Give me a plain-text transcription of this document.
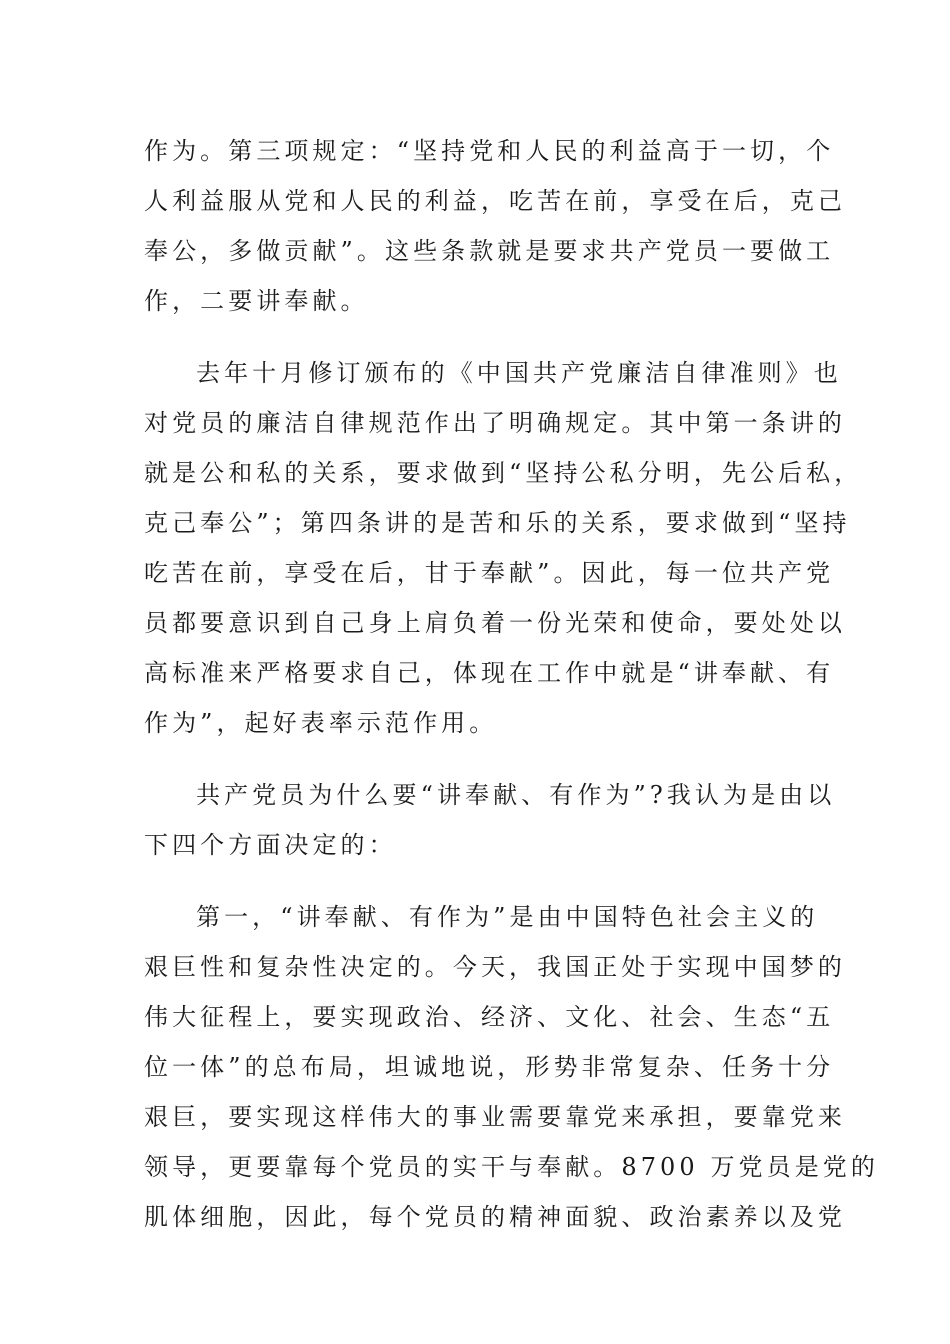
作为。第三项规定：“坚持党和人民的利益高于一切，个
人利益服从党和人民的利益，吃苦在前，享受在后，克己
奉公，多做贡献”。这些条款就是要求共产党员一要做工
作，二要讲奉献。
去年十月修订颁布的《中国共产党廉洁自律准则》也
对党员的廉洁自律规范作出了明确规定。其中第一条讲的
就是公和私的关系，要求做到“坚持公私分明，先公后私，
克己奉公”；第四条讲的是苦和乐的关系，要求做到“坚持
吃苦在前，享受在后，甘于奉献”。因此，每一位共产党
员都要意识到自己身上肩负着一份光荣和使命，要处处以
高标准来严格要求自己，体现在工作中就是“讲奉献、有
作为”，起好表率示范作用。
共产党员为什么要“讲奉献、有作为”?我认为是由以
下四个方面决定的：
第一，“讲奉献、有作为”是由中国特色社会主义的
艰巨性和复杂性决定的。今天，我国正处于实现中国梦的
伟大征程上，要实现政治、经济、文化、社会、生态“五
位一体”的总布局，坦诚地说，形势非常复杂、任务十分
艰巨，要实现这样伟大的事业需要靠党来承担，要靠党来
领导，更要靠每个党员的实干与奉献。8700 万党员是党的
肌体细胞，因此，每个党员的精神面貌、政治素养以及党
